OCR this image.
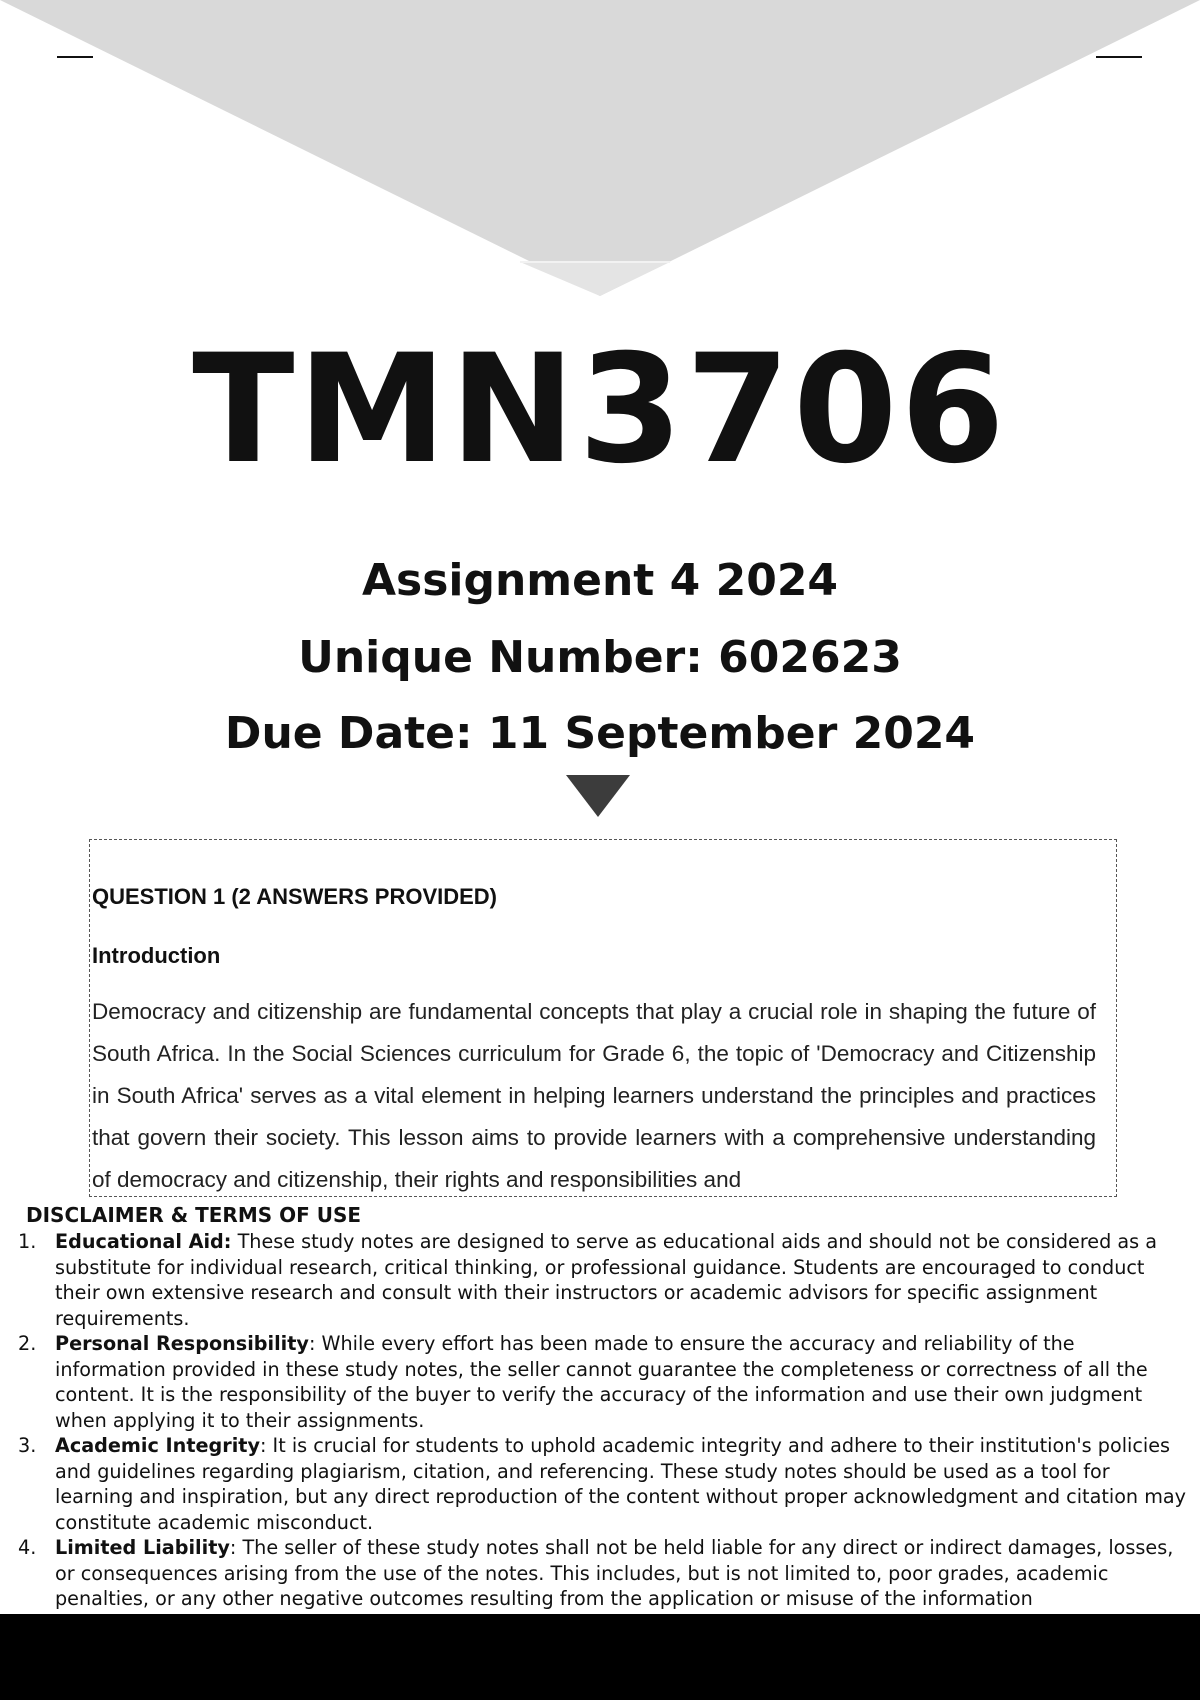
TMN3706
Assignment 4 2024
Unique Number: 602623
Due Date: 11 September 2024
QUESTION 1 (2 ANSWERS PROVIDED)
Introduction
Democracy and citizenship are fundamental concepts that play a crucial role in shaping the future of South Africa. In the Social Sciences curriculum for Grade 6, the topic of 'Democracy and Citizenship in South Africa' serves as a vital element in helping learners understand the principles and practices that govern their society. This lesson aims to provide learners with a comprehensive understanding of democracy and citizenship, their rights and responsibilities and
DISCLAIMER & TERMS OF USE
1. Educational Aid: These study notes are designed to serve as educational aids and should not be considered as a substitute for individual research, critical thinking, or professional guidance. Students are encouraged to conduct their own extensive research and consult with their instructors or academic advisors for specific assignment requirements.
2. Personal Responsibility: While every effort has been made to ensure the accuracy and reliability of the information provided in these study notes, the seller cannot guarantee the completeness or correctness of all the content. It is the responsibility of the buyer to verify the accuracy of the information and use their own judgment when applying it to their assignments.
3. Academic Integrity: It is crucial for students to uphold academic integrity and adhere to their institution's policies and guidelines regarding plagiarism, citation, and referencing. These study notes should be used as a tool for learning and inspiration, but any direct reproduction of the content without proper acknowledgment and citation may constitute academic misconduct.
4. Limited Liability: The seller of these study notes shall not be held liable for any direct or indirect damages, losses, or consequences arising from the use of the notes. This includes, but is not limited to, poor grades, academic penalties, or any other negative outcomes resulting from the application or misuse of the information
